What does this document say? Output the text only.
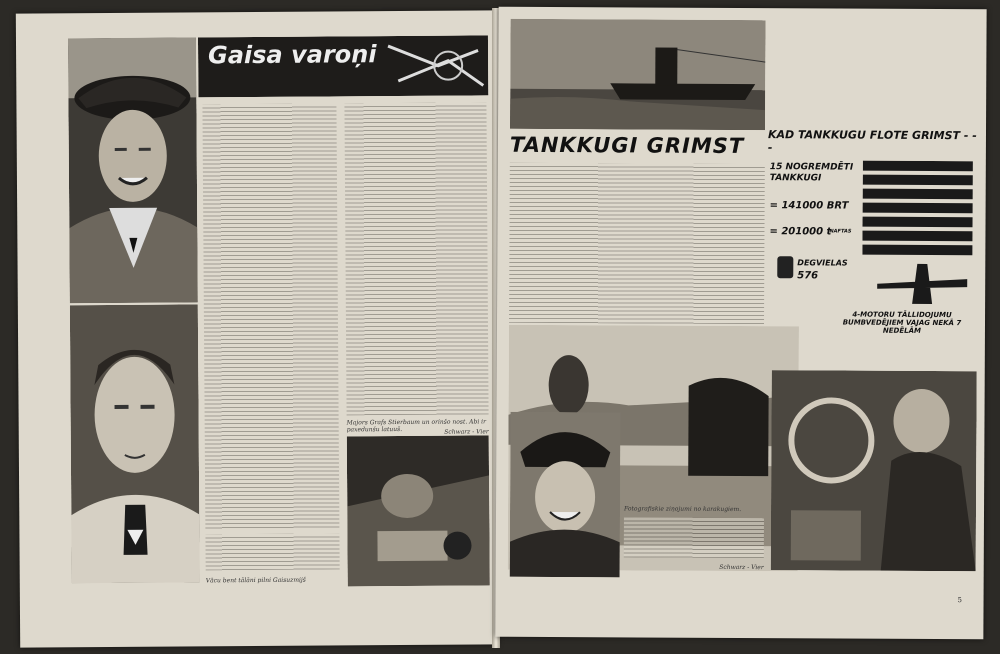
Gaisa varoņi
Majors Grafs Stierbaum un orinšo nost. Abi ir paxedunšu latuuš.	Schwarz - Vier
Vācu bent tālāni pilni Gaisuzmijš
TANKKUGI GRIMST	KAD TANKKUGU FLOTE GRIMST - - -
15 NOGREMDĒTI TANKKUGI
= 141000 BRT
= 201000 t
NAFTAS
DEGVIELAS
576
4-MOTORU TĀLLIDOJUMU BUMBVEDĒJIEM VAJAG NEKĀ 7 NEDĒLĀM
Fotografiskie ziņojumi no karakugiem.
Schwarz - Vier
5
